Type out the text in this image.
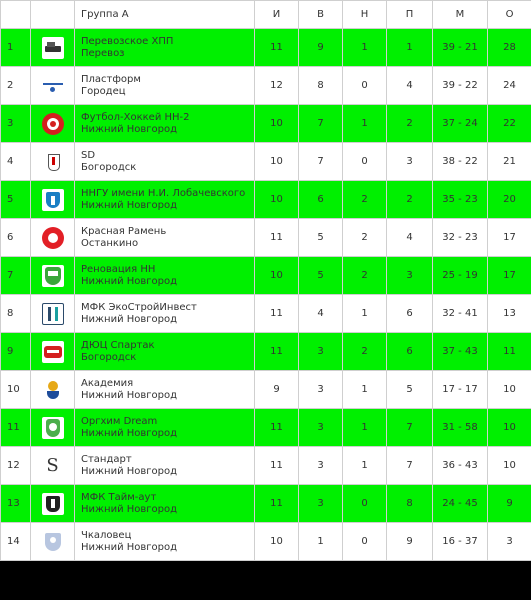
		Группа А	И	В	Н	П	М	О
1		Перевозское ХПП
Перевоз	11	9	1	1	39 - 21	28
2		Пластформ
Городец	12	8	0	4	39 - 22	24
3		Футбол-Хоккей НН-2
Нижний Новгород	10	7	1	2	37 - 24	22
4		SD
Богородск	10	7	0	3	38 - 22	21
5		ННГУ имени Н.И. Лобачевского
Нижний Новгород	10	6	2	2	35 - 23	20
6		Красная Рамень
Останкино	11	5	2	4	32 - 23	17
7		Реновация НН
Нижний Новгород	10	5	2	3	25 - 19	17
8		МФК ЭкоСтройИнвест
Нижний Новгород	11	4	1	6	32 - 41	13
9		ДЮЦ Спартак
Богородск	11	3	2	6	37 - 43	11
10		Академия
Нижний Новгород	9	3	1	5	17 - 17	10
11		Оргхим Dream
Нижний Новгород	11	3	1	7	31 - 58	10
12	S	Стандарт
Нижний Новгород	11	3	1	7	36 - 43	10
13		МФК Тайм-аут
Нижний Новгород	11	3	0	8	24 - 45	9
14		Чкаловец
Нижний Новгород	10	1	0	9	16 - 37	3
